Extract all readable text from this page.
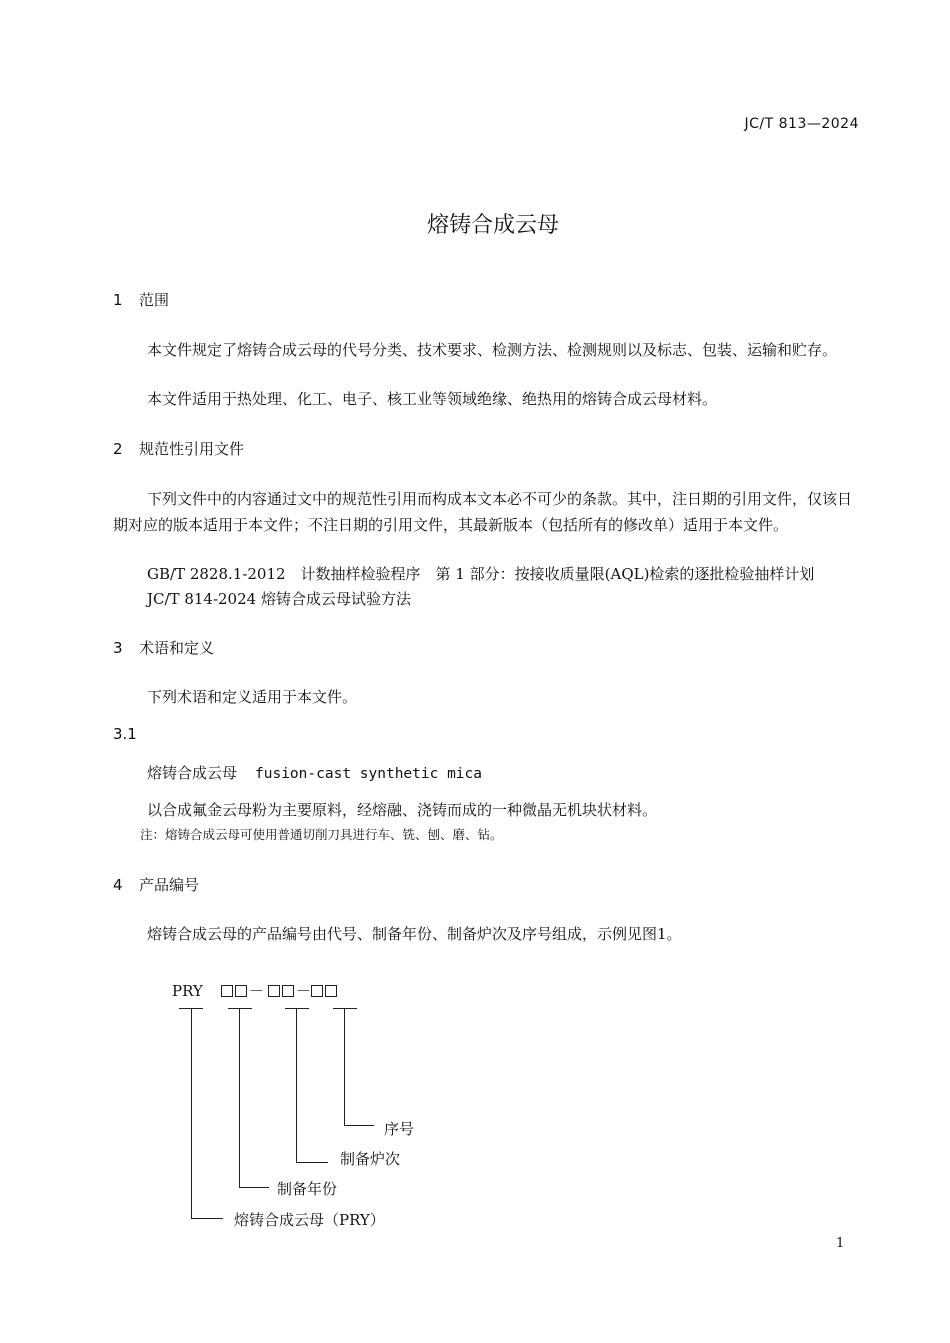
JC/T 813—2024
熔铸合成云母
1 范围
本文件规定了熔铸合成云母的代号分类、技术要求、检测方法、检测规则以及标志、包装、运输和贮存。
本文件适用于热处理、化工、电子、核工业等领域绝缘、绝热用的熔铸合成云母材料。
2 规范性引用文件
下列文件中的内容通过文中的规范性引用而构成本文本必不可少的条款。其中，注日期的引用文件，仅该日期对应的版本适用于本文件；不注日期的引用文件，其最新版本（包括所有的修改单）适用于本文件。
GB/T 2828.1-2012　计数抽样检验程序　第 1 部分：按接收质量限(AQL)检索的逐批检验抽样计划
JC/T 814-2024 熔铸合成云母试验方法
3 术语和定义
下列术语和定义适用于本文件。
3.1
熔铸合成云母 fusion-cast synthetic mica
以合成氟金云母粉为主要原料，经熔融、浇铸而成的一种微晶无机块状材料。
注：熔铸合成云母可使用普通切削刀具进行车、铣、刨、磨、钻。
4 产品编号
熔铸合成云母的产品编号由代号、制备年份、制备炉次及序号组成，示例见图1。
PRY	－ －
序号
制备炉次
制备年份
熔铸合成云母（PRY）
1
